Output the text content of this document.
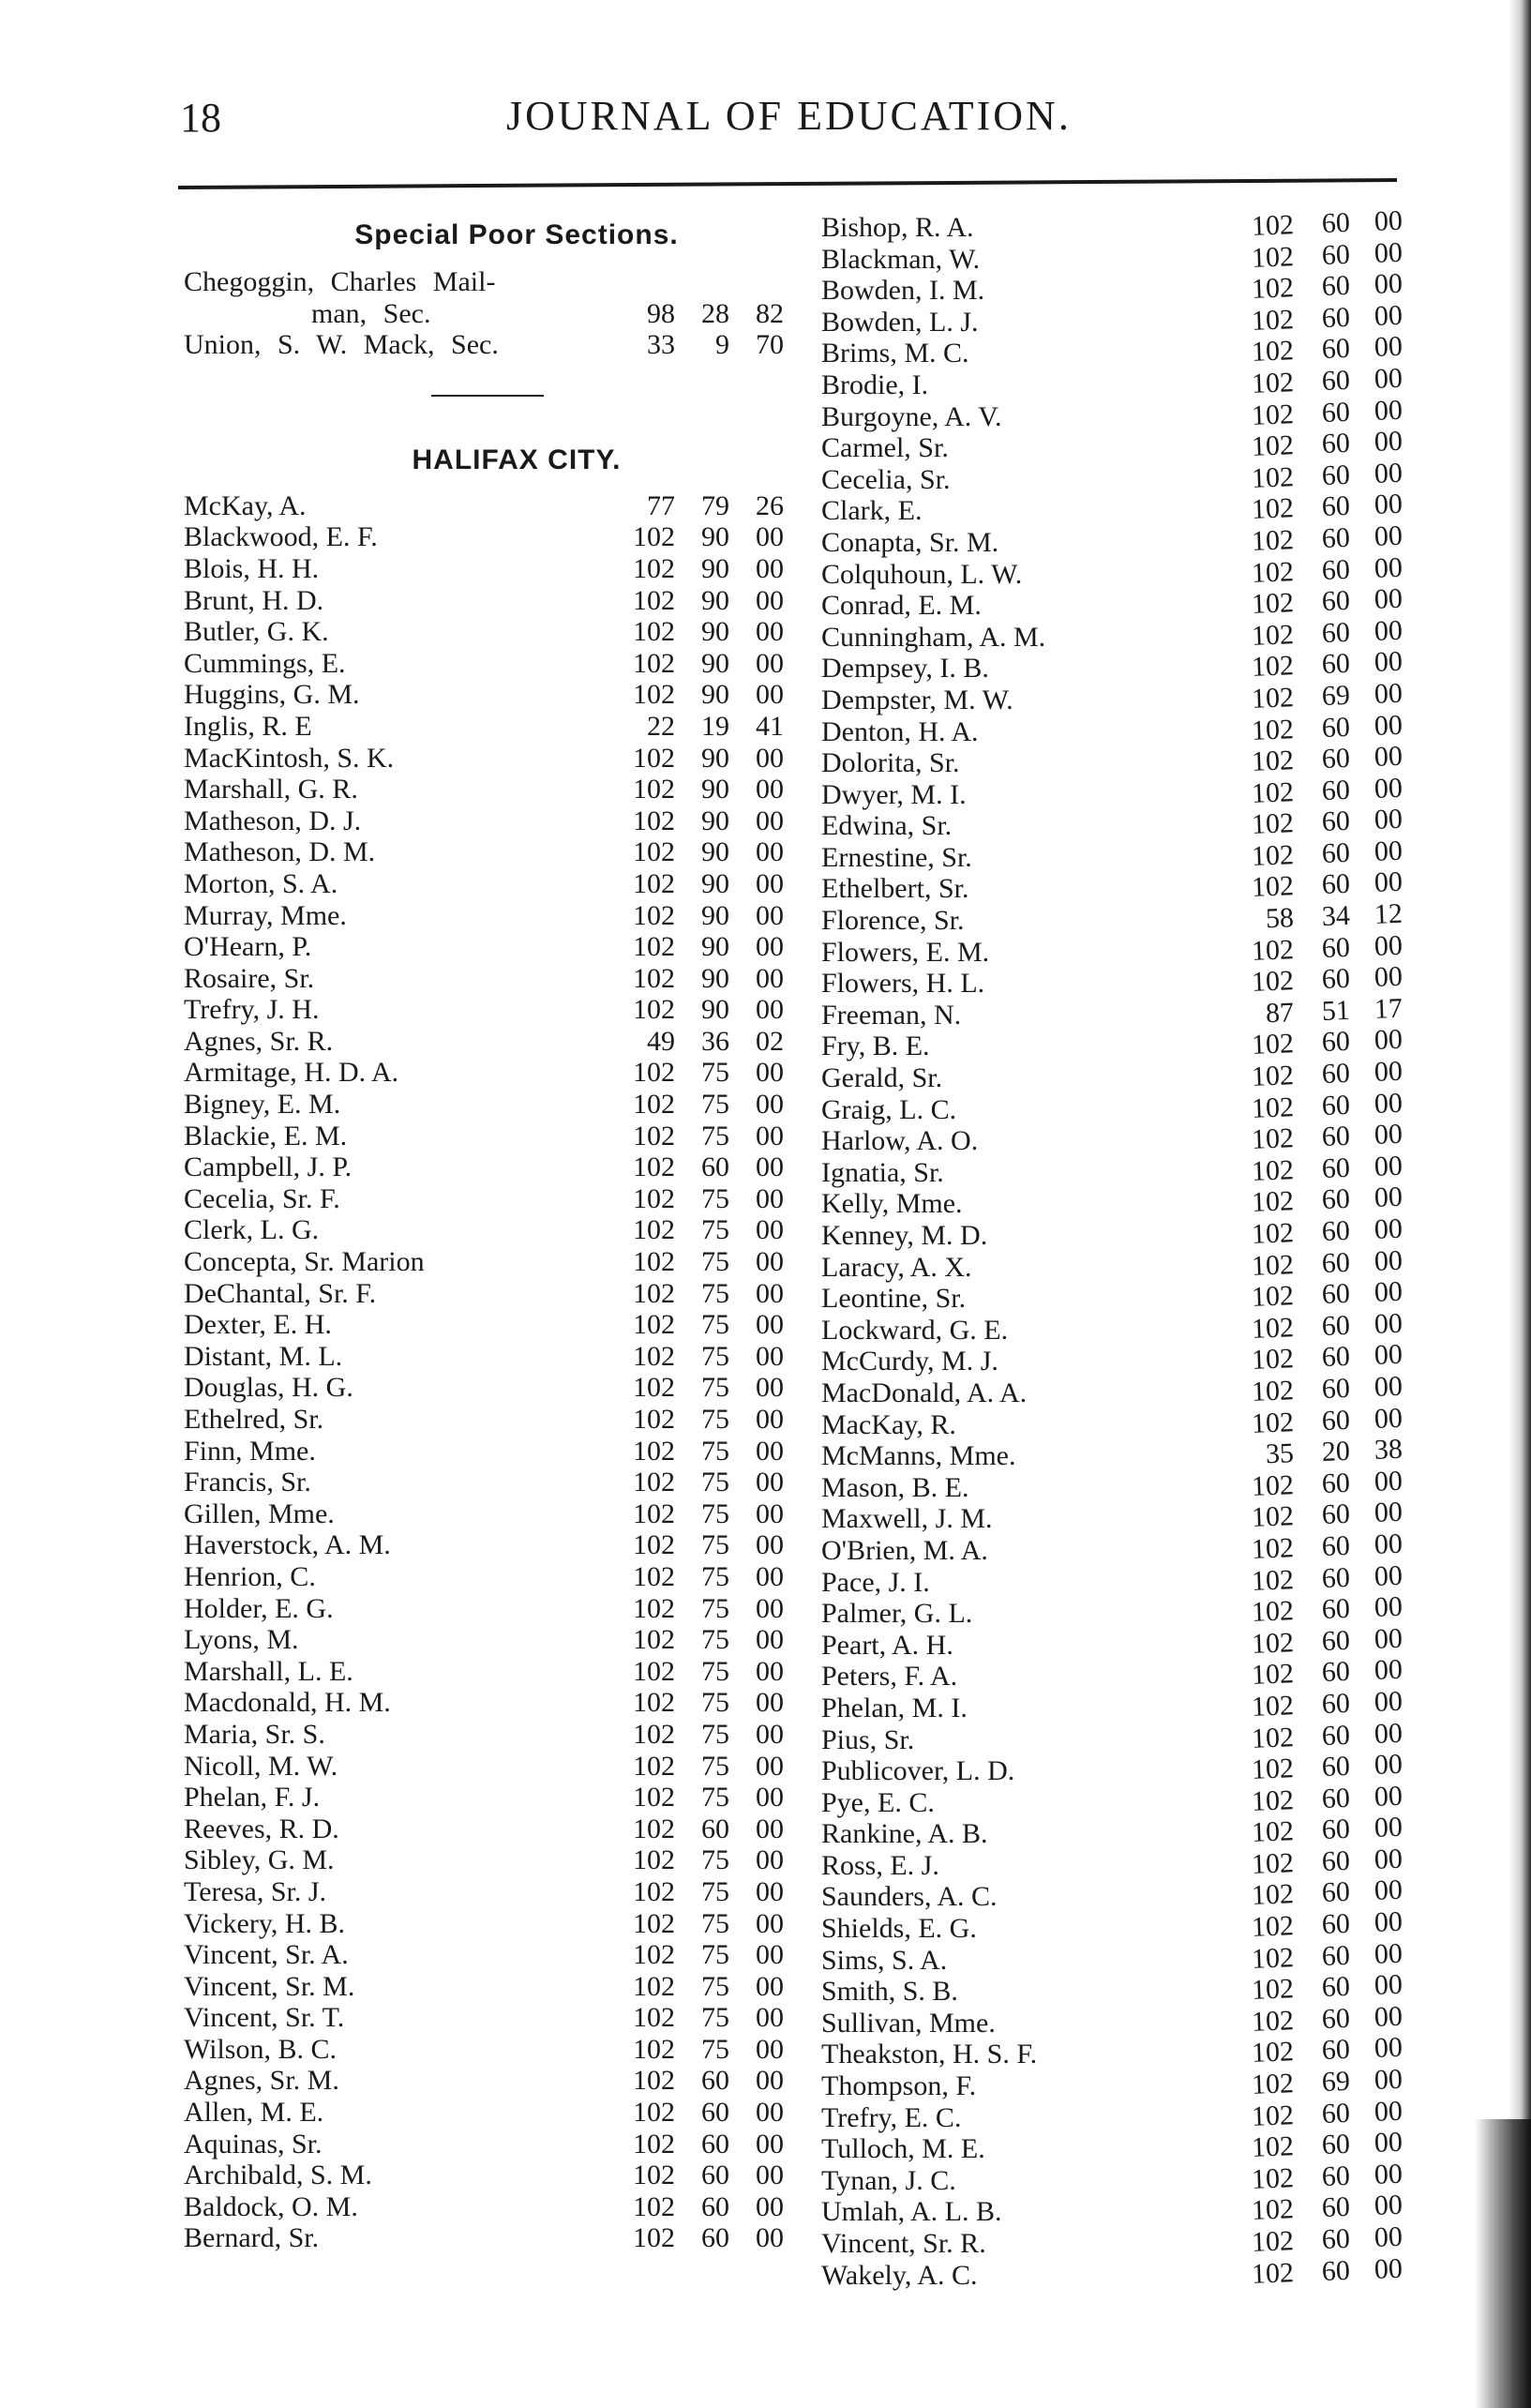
18	JOURNAL OF EDUCATION.
Special Poor Sections.
Chegoggin, Charles Mail-
man, Sec.	98 28 82
Union, S. W. Mack, Sec.	33	9 70
HALIFAX CITY.
McKay, A.	77 79 26
Blackwood, E. F.	102 90 00
Blois, H. H.	102 90 00
Brunt, H. D.	102 90 00
Butler, G. K.	102 90 00
Cummings, E.	102 90 00
Huggins, G. M.	102 90 00
Inglis, R. E	22 19 41
MacKintosh, S. K.	102 90 00
Marshall, G. R.	102 90 00
Matheson, D. J.	102 90 00
Matheson, D. M.	102 90 00
Morton, S. A.	102 90 00
Murray, Mme.	102 90 00
O'Hearn, P.	102 90 00
Rosaire, Sr.	102 90 00
Trefry, J. H.	102 90 00
Agnes, Sr. R.	49 36 02
Armitage, H. D. A.	102 75 00
Bigney, E. M.	102 75 00
Blackie, E. M.	102 75 00
Campbell, J. P.	102 60 00
Cecelia, Sr. F.	102 75 00
Clerk, L. G.	102 75 00
Concepta, Sr. Marion	102 75 00
DeChantal, Sr. F.	102 75 00
Dexter, E. H.	102 75 00
Distant, M. L.	102 75 00
Douglas, H. G.	102 75 00
Ethelred, Sr.	102 75 00
Finn, Mme.	102 75 00
Francis, Sr.	102 75 00
Gillen, Mme.	102 75 00
Haverstock, A. M.	102 75 00
Henrion, C.	102 75 00
Holder, E. G.	102 75 00
Lyons, M.	102 75 00
Marshall, L. E.	102 75 00
Macdonald, H. M.	102 75 00
Maria, Sr. S.	102 75 00
Nicoll, M. W.	102 75 00
Phelan, F. J.	102 75 00
Reeves, R. D.	102 60 00
Sibley, G. M.	102 75 00
Teresa, Sr. J.	102 75 00
Vickery, H. B.	102 75 00
Vincent, Sr. A.	102 75 00
Vincent, Sr. M.	102 75 00
Vincent, Sr. T.	102 75 00
Wilson, B. C.	102 75 00
Agnes, Sr. M.	102 60 00
Allen, M. E.	102 60 00
Aquinas, Sr.	102 60 00
Archibald, S. M.	102 60 00
Baldock, O. M.	102 60 00
Bernard, Sr.	102 60 00
Bishop, R. A.	102 60 00
Blackman, W.	102 60 00
Bowden, I. M.	102 60 00
Bowden, L. J.	102 60 00
Brims, M. C.	102 60 00
Brodie, I.	102 60 00
Burgoyne, A. V.	102 60 00
Carmel, Sr.	102 60 00
Cecelia, Sr.	102 60 00
Clark, E.	102 60 00
Conapta, Sr. M.	102 60 00
Colquhoun, L. W.	102 60 00
Conrad, E. M.	102 60 00
Cunningham, A. M.	102 60 00
Dempsey, I. B.	102 60 00
Dempster, M. W.	102 69 00
Denton, H. A.	102 60 00
Dolorita, Sr.	102 60 00
Dwyer, M. I.	102 60 00
Edwina, Sr.	102 60 00
Ernestine, Sr.	102 60 00
Ethelbert, Sr.	102 60 00
Florence, Sr.	58 34 12
Flowers, E. M.	102 60 00
Flowers, H. L.	102 60 00
Freeman, N.	87 51 17
Fry, B. E.	102 60 00
Gerald, Sr.	102 60 00
Graig, L. C.	102 60 00
Harlow, A. O.	102 60 00
Ignatia, Sr.	102 60 00
Kelly, Mme.	102 60 00
Kenney, M. D.	102 60 00
Laracy, A. X.	102 60 00
Leontine, Sr.	102 60 00
Lockward, G. E.	102 60 00
McCurdy, M. J.	102 60 00
MacDonald, A. A.	102 60 00
MacKay, R.	102 60 00
McManns, Mme.	35 20 38
Mason, B. E.	102 60 00
Maxwell, J. M.	102 60 00
O'Brien, M. A.	102 60 00
Pace, J. I.	102 60 00
Palmer, G. L.	102 60 00
Peart, A. H.	102 60 00
Peters, F. A.	102 60 00
Phelan, M. I.	102 60 00
Pius, Sr.	102 60 00
Publicover, L. D.	102 60 00
Pye, E. C.	102 60 00
Rankine, A. B.	102 60 00
Ross, E. J.	102 60 00
Saunders, A. C.	102 60 00
Shields, E. G.	102 60 00
Sims, S. A.	102 60 00
Smith, S. B.	102 60 00
Sullivan, Mme.	102 60 00
Theakston, H. S. F.	102 60 00
Thompson, F.	102 69 00
Trefry, E. C.	102 60 00
Tulloch, M. E.	102 60 00
Tynan, J. C.	102 60 00
Umlah, A. L. B.	102 60 00
Vincent, Sr. R.	102 60 00
Wakely, A. C.	102 60 00
